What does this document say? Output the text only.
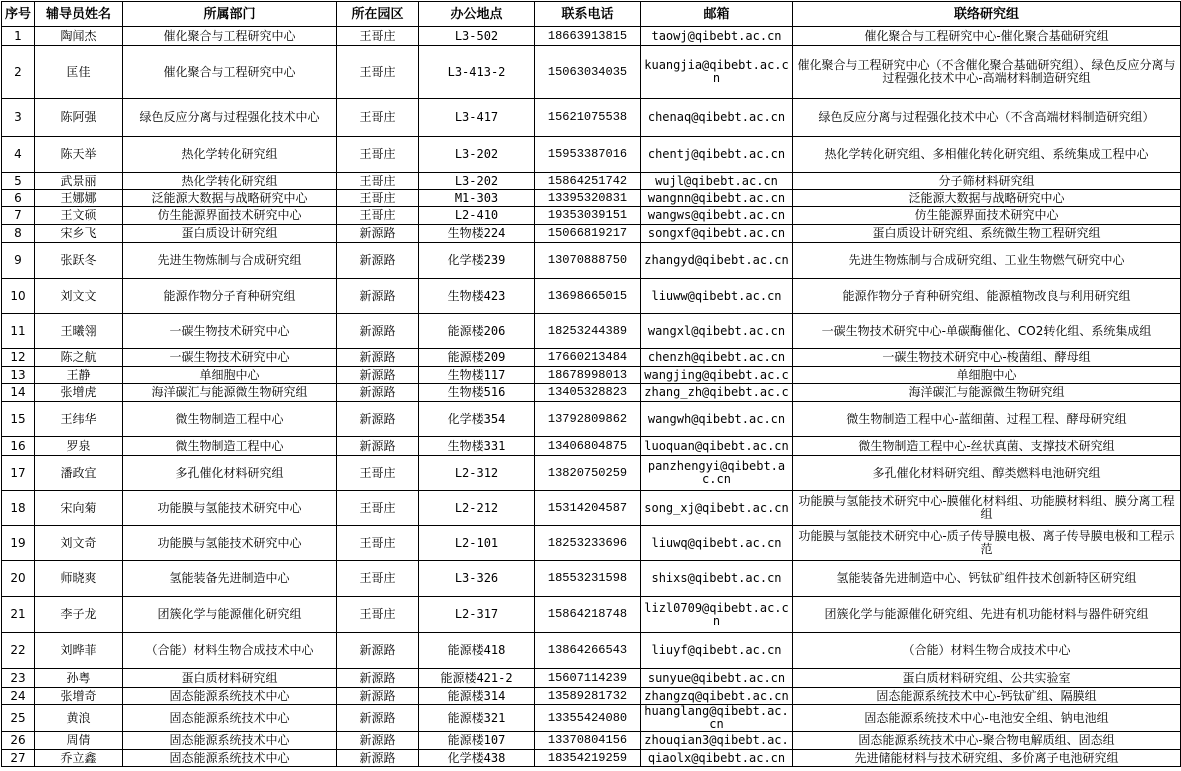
序号	辅导员姓名	所属部门	所在园区	办公地点	联系电话	邮箱	联络研究组
1	陶闻杰	催化聚合与工程研究中心	王哥庄	L3-502	18663913815	taowj@qibebt.ac.cn	催化聚合与工程研究中心-催化聚合基础研究组
2	匡佳	催化聚合与工程研究中心	王哥庄	L3-413-2	15063034035	kuangjia@qibebt.ac.cn	催化聚合与工程研究中心（不含催化聚合基础研究组）、绿色反应分离与过程强化技术中心-高端材料制造研究组
3	陈阿强	绿色反应分离与过程强化技术中心	王哥庄	L3-417	15621075538	chenaq@qibebt.ac.cn	绿色反应分离与过程强化技术中心（不含高端材料制造研究组）
4	陈天举	热化学转化研究组	王哥庄	L3-202	15953387016	chentj@qibebt.ac.cn	热化学转化研究组、多相催化转化研究组、系统集成工程中心
5	武景丽	热化学转化研究组	王哥庄	L3-202	15864251742	wujl@qibebt.ac.cn	分子筛材料研究组
6	王娜娜	泛能源大数据与战略研究中心	王哥庄	M1-303	13395320831	wangnn@qibebt.ac.cn	泛能源大数据与战略研究中心
7	王文硕	仿生能源界面技术研究中心	王哥庄	L2-410	19353039151	wangws@qibebt.ac.cn	仿生能源界面技术研究中心
8	宋乡飞	蛋白质设计研究组	新源路	生物楼224	15066819217	songxf@qibebt.ac.cn	蛋白质设计研究组、系统微生物工程研究组
9	张跃冬	先进生物炼制与合成研究组	新源路	化学楼239	13070888750	zhangyd@qibebt.ac.cn	先进生物炼制与合成研究组、工业生物燃气研究中心
10	刘文文	能源作物分子育种研究组	新源路	生物楼423	13698665015	liuww@qibebt.ac.cn	能源作物分子育种研究组、能源植物改良与利用研究组
11	王曦翎	一碳生物技术研究中心	新源路	能源楼206	18253244389	wangxl@qibebt.ac.cn	一碳生物技术研究中心-单碳酶催化、CO2转化组、系统集成组
12	陈之航	一碳生物技术研究中心	新源路	能源楼209	17660213484	chenzh@qibebt.ac.cn	一碳生物技术研究中心-梭菌组、酵母组
13	王静	单细胞中心	新源路	生物楼117	18678998013	wangjing@qibebt.ac.c	单细胞中心
14	张增虎	海洋碳汇与能源微生物研究组	新源路	生物楼516	13405328823	zhang_zh@qibebt.ac.c	海洋碳汇与能源微生物研究组
15	王纬华	微生物制造工程中心	新源路	化学楼354	13792809862	wangwh@qibebt.ac.cn	微生物制造工程中心-蓝细菌、过程工程、酵母研究组
16	罗泉	微生物制造工程中心	新源路	生物楼331	13406804875	luoquan@qibebt.ac.cn	微生物制造工程中心-丝状真菌、支撑技术研究组
17	潘政宜	多孔催化材料研究组	王哥庄	L2-312	13820750259	panzhengyi@qibebt.ac.cn	多孔催化材料研究组、醇类燃料电池研究组
18	宋向菊	功能膜与氢能技术研究中心	王哥庄	L2-212	15314204587	song_xj@qibebt.ac.cn	功能膜与氢能技术研究中心-膜催化材料组、功能膜材料组、膜分离工程组
19	刘文奇	功能膜与氢能技术研究中心	王哥庄	L2-101	18253233696	liuwq@qibebt.ac.cn	功能膜与氢能技术研究中心-质子传导膜电极、离子传导膜电极和工程示范
20	师晓爽	氢能装备先进制造中心	王哥庄	L3-326	18553231598	shixs@qibebt.ac.cn	氢能装备先进制造中心、钙钛矿组件技术创新特区研究组
21	李子龙	团簇化学与能源催化研究组	王哥庄	L2-317	15864218748	lizl0709@qibebt.ac.cn	团簇化学与能源催化研究组、先进有机功能材料与器件研究组
22	刘晔菲	（合能）材料生物合成技术中心	新源路	能源楼418	13864266543	liuyf@qibebt.ac.cn	（合能）材料生物合成技术中心
23	孙粤	蛋白质材料研究组	新源路	能源楼421-2	15607114239	sunyue@qibebt.ac.cn	蛋白质材料研究组、公共实验室
24	张增奇	固态能源系统技术中心	新源路	能源楼314	13589281732	zhangzq@qibebt.ac.cn	固态能源系统技术中心-钙钛矿组、隔膜组
25	黄浪	固态能源系统技术中心	新源路	能源楼321	13355424080	huanglang@qibebt.ac.cn	固态能源系统技术中心-电池安全组、钠电池组
26	周倩	固态能源系统技术中心	新源路	能源楼107	13370804156	zhouqian3@qibebt.ac.	固态能源系统技术中心-聚合物电解质组、固态组
27	乔立鑫	固态能源系统技术中心	新源路	化学楼438	18354219259	qiaolx@qibebt.ac.cn	先进储能材料与技术研究组、多价离子电池研究组
